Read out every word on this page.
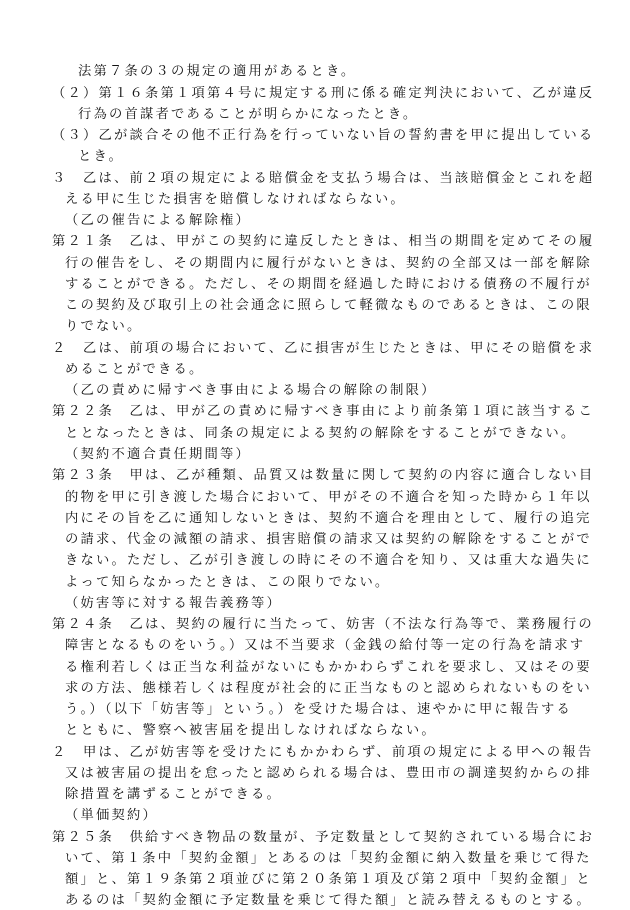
法第７条の３の規定の適用があるとき。
（２）第１６条第１項第４号に規定する刑に係る確定判決において、乙が違反
行為の首謀者であることが明らかになったとき。
（３）乙が談合その他不正行為を行っていない旨の誓約書を甲に提出している
とき。
３　乙は、前２項の規定による賠償金を支払う場合は、当該賠償金とこれを超
える甲に生じた損害を賠償しなければならない。
（乙の催告による解除権）
第２１条　乙は、甲がこの契約に違反したときは、相当の期間を定めてその履
行の催告をし、その期間内に履行がないときは、契約の全部又は一部を解除
することができる。ただし、その期間を経過した時における債務の不履行が
この契約及び取引上の社会通念に照らして軽微なものであるときは、この限
りでない。
２　乙は、前項の場合において、乙に損害が生じたときは、甲にその賠償を求
めることができる。
（乙の責めに帰すべき事由による場合の解除の制限）
第２２条　乙は、甲が乙の責めに帰すべき事由により前条第１項に該当するこ
ととなったときは、同条の規定による契約の解除をすることができない。
（契約不適合責任期間等）
第２３条　甲は、乙が種類、品質又は数量に関して契約の内容に適合しない目
的物を甲に引き渡した場合において、甲がその不適合を知った時から１年以
内にその旨を乙に通知しないときは、契約不適合を理由として、履行の追完
の請求、代金の減額の請求、損害賠償の請求又は契約の解除をすることがで
きない。ただし、乙が引き渡しの時にその不適合を知り、又は重大な過失に
よって知らなかったときは、この限りでない。
（妨害等に対する報告義務等）
第２４条　乙は、契約の履行に当たって、妨害（不法な行為等で、業務履行の
障害となるものをいう。）又は不当要求（金銭の給付等一定の行為を請求す
る権利若しくは正当な利益がないにもかかわらずこれを要求し、又はその要
求の方法、態様若しくは程度が社会的に正当なものと認められないものをい
う。）（以下「妨害等」という。）を受けた場合は、速やかに甲に報告する
とともに、警察へ被害届を提出しなければならない。
２　甲は、乙が妨害等を受けたにもかかわらず、前項の規定による甲への報告
又は被害届の提出を怠ったと認められる場合は、豊田市の調達契約からの排
除措置を講ずることができる。
（単価契約）
第２５条　供給すべき物品の数量が、予定数量として契約されている場合にお
いて、第１条中「契約金額」とあるのは「契約金額に納入数量を乗じて得た
額」と、第１９条第２項並びに第２０条第１項及び第２項中「契約金額」と
あるのは「契約金額に予定数量を乗じて得た額」と読み替えるものとする。
